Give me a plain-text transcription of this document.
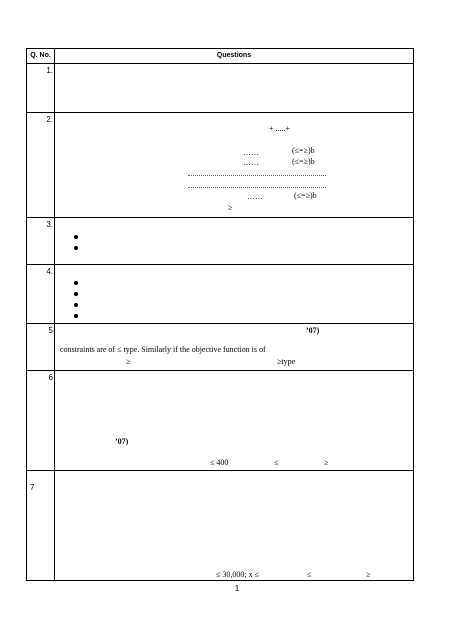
Q. No.	Questions
1.
2.
+ .....+
……	(≤=≥)b
……	(≤=≥)b
……	(≤=≥)b
≥
3.
4.
5	’07)
constraints are of ≤ type. Similarly if the objective function is of
≥	≥type
6
’07)
≤ 400	≤	≥
7
≤ 30,000; x ≤	≤	≥
1
